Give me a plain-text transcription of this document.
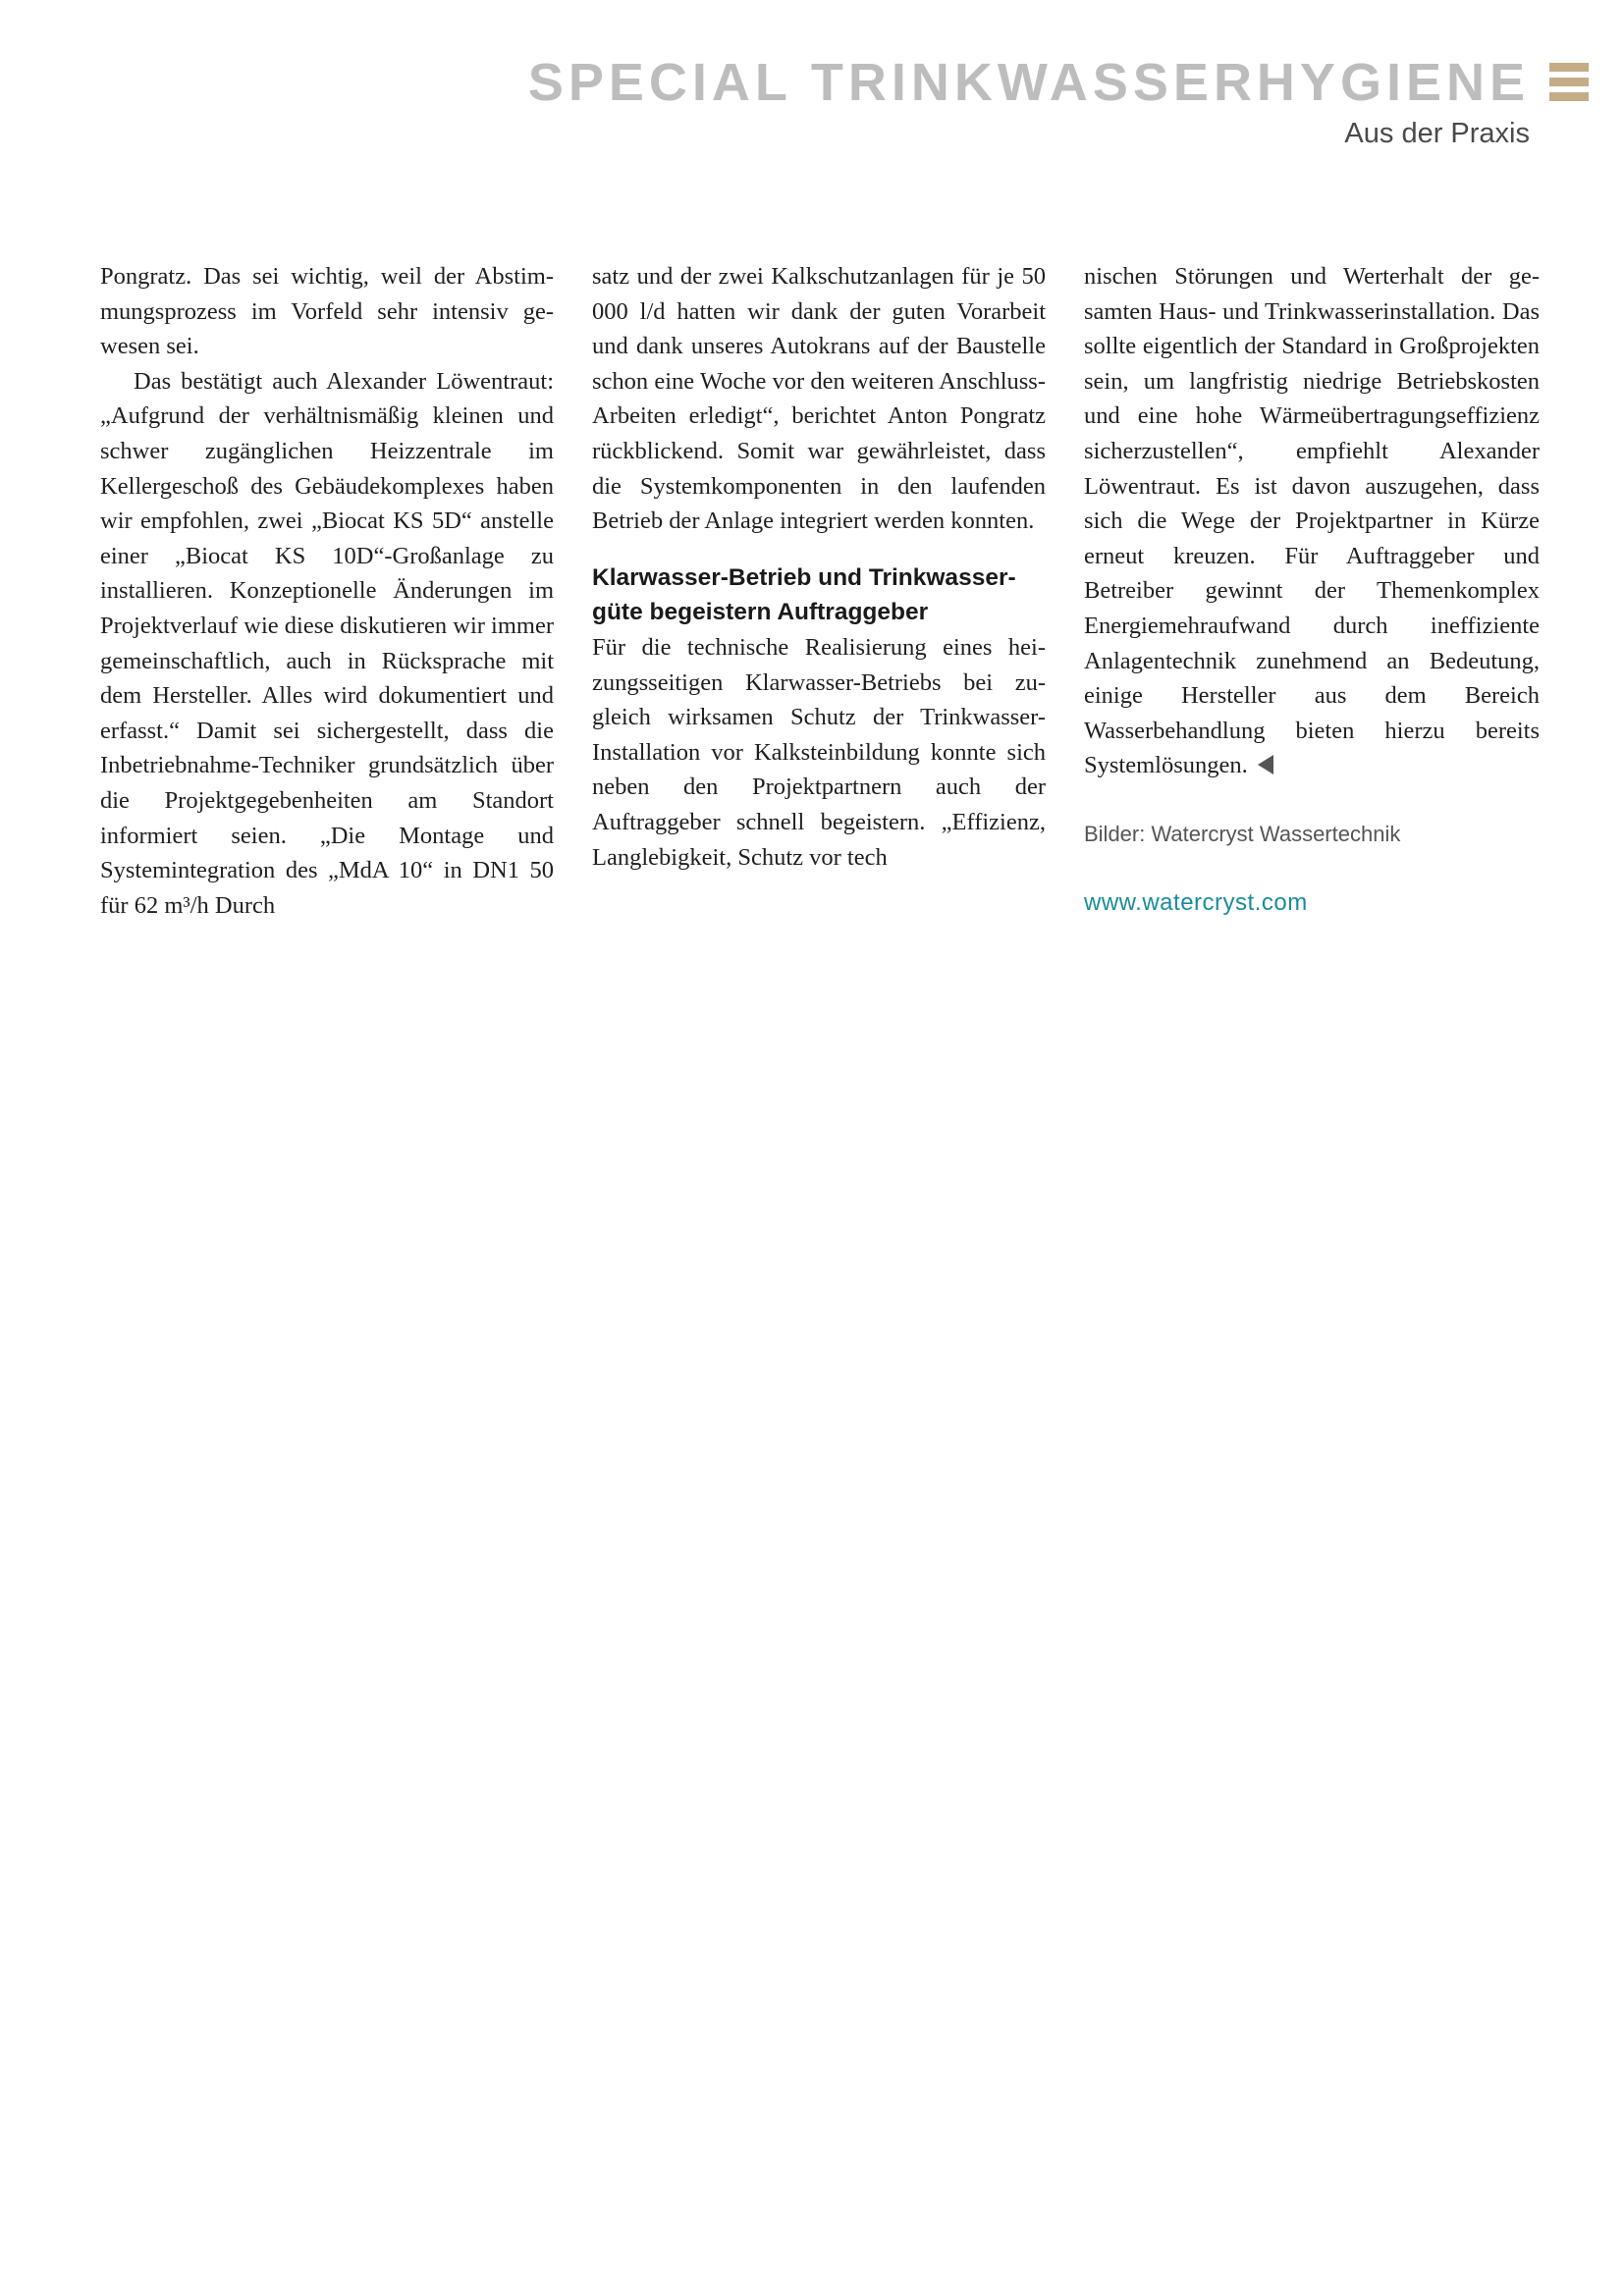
SPECIAL TRINKWASSERHYGIENE
Aus der Praxis

Pongratz. Das sei wichtig, weil der Abstimmungsprozess im Vorfeld sehr intensiv gewesen sei.

Das bestätigt auch Alexander Löwentraut: „Aufgrund der verhältnismäßig kleinen und schwer zugänglichen Heizzentrale im Kellergeschoß des Gebäudekomplexes haben wir empfohlen, zwei „Biocat KS 5D“ anstelle einer „Biocat KS 10D“-Großanlage zu installieren. Konzeptionelle Änderungen im Projektverlauf wie diese diskutieren wir immer gemeinschaftlich, auch in Rücksprache mit dem Hersteller. Alles wird dokumentiert und erfasst.“ Damit sei sichergestellt, dass die Inbetriebnahme-Techniker grundsätzlich über die Projektgegebenheiten am Standort informiert seien. „Die Montage und Systemintegration des „MdA 10“ in DN1 50 für 62 m³/h Durch

satz und der zwei Kalkschutzanlagen für je 50 000 l/d hatten wir dank der guten Vorarbeit und dank unseres Autokrans auf der Baustelle schon eine Woche vor den weiteren Anschluss-Arbeiten erledigt“, berichtet Anton Pongratz rückblickend. Somit war gewährleistet, dass die Systemkomponenten in den laufenden Betrieb der Anlage integriert werden konnten.

Klarwasser-Betrieb und Trinkwassergüte begeistern Auftraggeber

Für die technische Realisierung eines heizungsseitigen Klarwasser-Betriebs bei zugleich wirksamen Schutz der Trinkwasser-Installation vor Kalksteinbildung konnte sich neben den Projektpartnern auch der Auftraggeber schnell begeistern. „Effizienz, Langlebigkeit, Schutz vor tech

nischen Störungen und Werterhalt der gesamten Haus- und Trinkwasserinstallation. Das sollte eigentlich der Standard in Großprojekten sein, um langfristig niedrige Betriebskosten und eine hohe Wärmeübertragungseffizienz sicherzustellen“, empfiehlt Alexander Löwentraut. Es ist davon auszugehen, dass sich die Wege der Projektpartner in Kürze erneut kreuzen. Für Auftraggeber und Betreiber gewinnt der Themenkomplex Energiemehraufwand durch ineffiziente Anlagentechnik zunehmend an Bedeutung, einige Hersteller aus dem Bereich Wasserbehandlung bieten hierzu bereits Systemlösungen.

Bilder: Watercryst Wassertechnik

www.watercryst.com
